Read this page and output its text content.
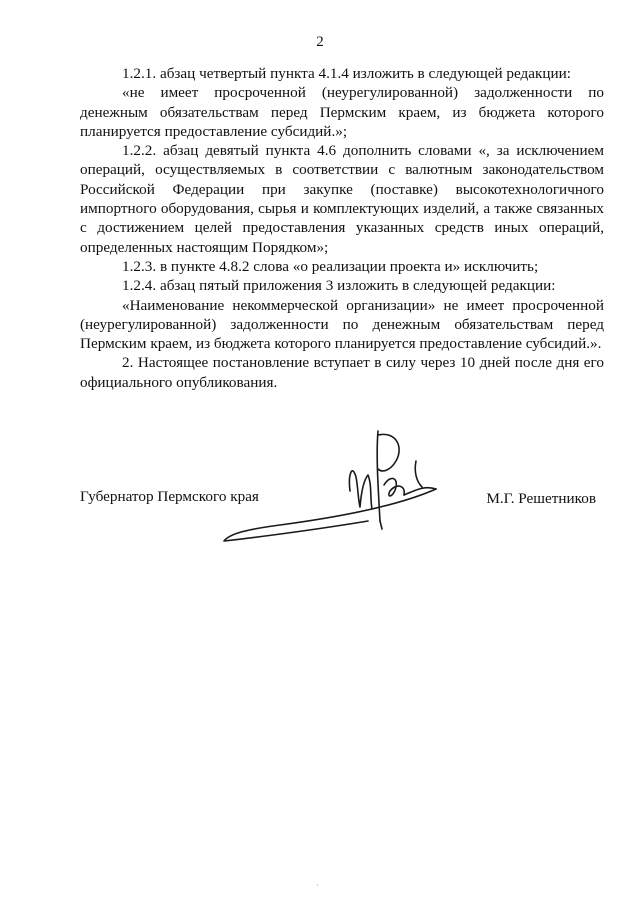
2

1.2.1. абзац четвертый пункта 4.1.4 изложить в следующей редакции:

«не имеет просроченной (неурегулированной) задолженности по денежным обязательствам перед Пермским краем, из бюджета которого планируется предоставление субсидий.»;

1.2.2. абзац девятый пункта 4.6 дополнить словами «, за исключением операций, осуществляемых в соответствии с валютным законодательством Российской Федерации при закупке (поставке) высокотехнологичного импортного оборудования, сырья и комплектующих изделий, а также связанных с достижением целей предоставления указанных средств иных операций, определенных настоящим Порядком»;

1.2.3. в пункте 4.8.2 слова «о реализации проекта и» исключить;

1.2.4. абзац пятый приложения 3 изложить в следующей редакции:

«Наименование некоммерческой организации» не имеет просроченной (неурегулированной) задолженности по денежным обязательствам перед Пермским краем, из бюджета которого планируется предоставление субсидий.».

2. Настоящее постановление вступает в силу через 10 дней после дня его официального опубликования.

Губернатор Пермского края	М.Г. Решетников
·
